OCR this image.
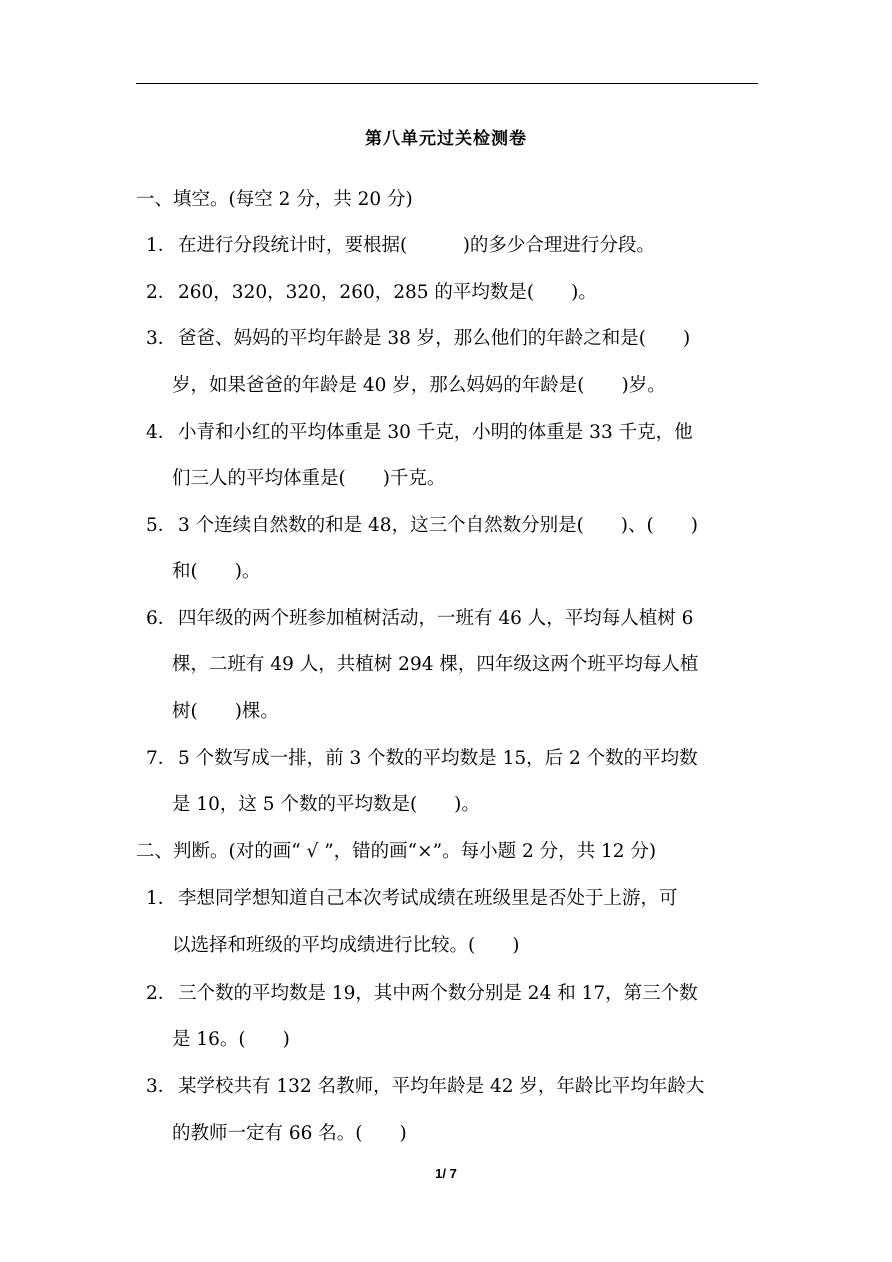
第八单元过关检测卷
一、填空。(每空 2 分，共 20 分)
1． 在进行分段统计时，要根据(　　　)的多少合理进行分段。
2． 260，320，320，260，285 的平均数是(　　)。
3． 爸爸、妈妈的平均年龄是 38 岁，那么他们的年龄之和是(　　)
岁，如果爸爸的年龄是 40 岁，那么妈妈的年龄是(　　)岁。
4． 小青和小红的平均体重是 30 千克，小明的体重是 33 千克，他
们三人的平均体重是(　　)千克。
5． 3 个连续自然数的和是 48，这三个自然数分别是(　　)、(　　)
和(　　)。
6． 四年级的两个班参加植树活动，一班有 46 人，平均每人植树 6
棵，二班有 49 人，共植树 294 棵，四年级这两个班平均每人植
树(　　)棵。
7． 5 个数写成一排，前 3 个数的平均数是 15，后 2 个数的平均数
是 10，这 5 个数的平均数是(　　)。
二、判断。(对的画“ √ ”，错的画“×”。每小题 2 分，共 12 分)
1． 李想同学想知道自己本次考试成绩在班级里是否处于上游，可
以选择和班级的平均成绩进行比较。(　　)
2． 三个数的平均数是 19，其中两个数分别是 24 和 17，第三个数
是 16。(　　)
3． 某学校共有 132 名教师，平均年龄是 42 岁，年龄比平均年龄大
的教师一定有 66 名。(　　)
1/ 7
